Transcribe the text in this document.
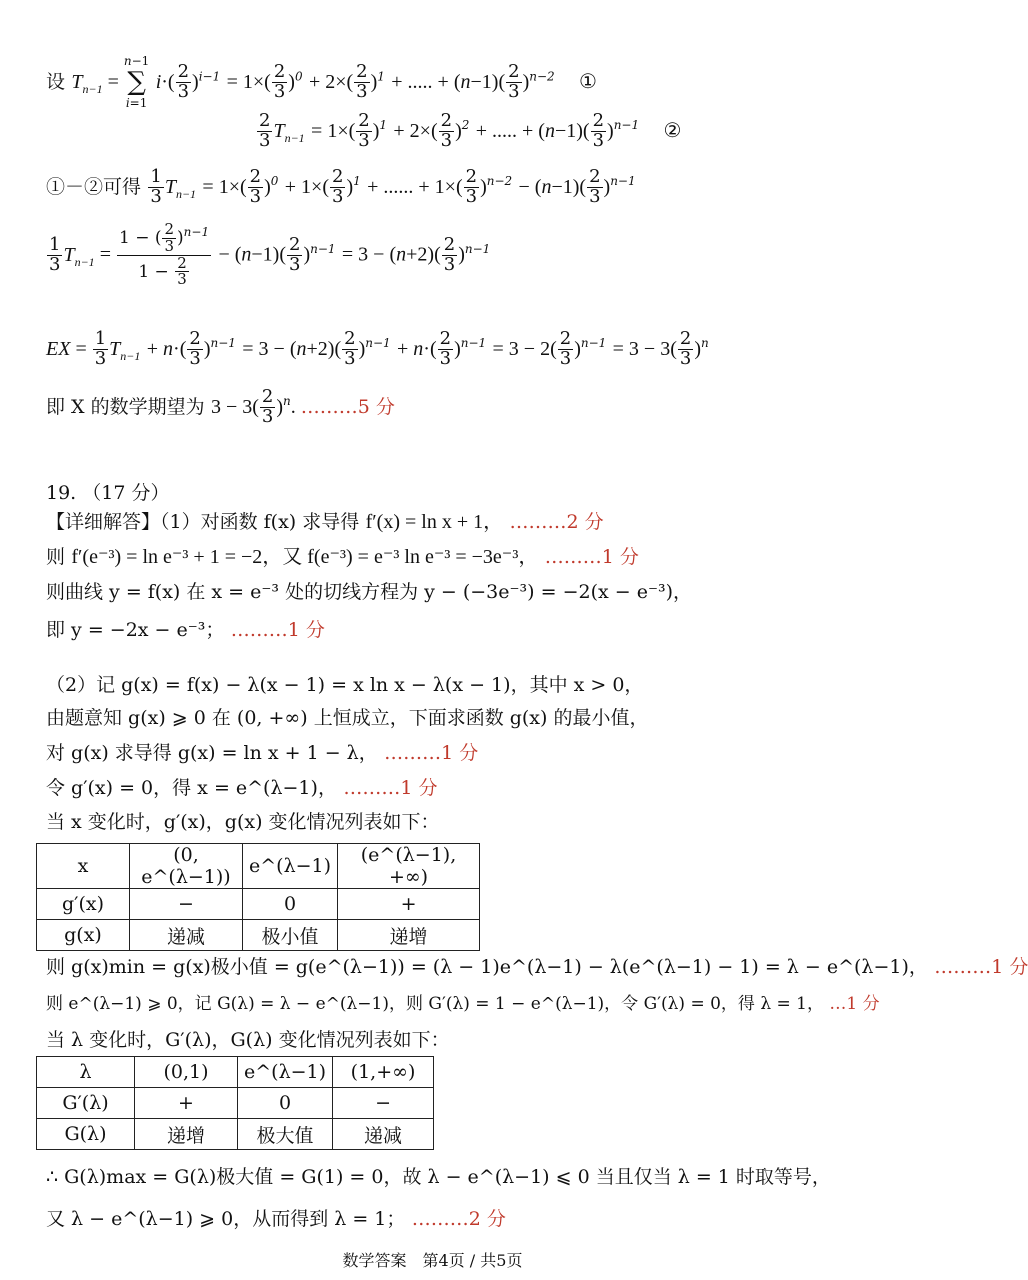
设 $T_{n-1} = n-1$
∑
i=1 $i\cdot( \frac{2}{3} )^{i-1} = 1\times( \frac{2}{3} )^0 + 2\times( \frac{2}{3} )^1$ + ..... + $(n-1)( \frac{2}{3} )^{n-2}$ ①
$\frac{2}{3} T_{n-1} = 1\times( \frac{2}{3} )^1 + 2\times( \frac{2}{3} )^2$ + ..... + $(n-1)( \frac{2}{3} )^{n-1}$ ②
①－②可得 $\frac{1}{3} T_{n-1} = 1\times( \frac{2}{3} )^0 + 1\times( \frac{2}{3} )^1$ + ...... + $1\times( \frac{2}{3} )^{n-2} - (n-1)( \frac{2}{3} )^{n-1}$
$\frac{1}{3} T_{n-1} = \frac{1 - ( \frac{2}{3} )^{n-1}}{1 - \frac{2}{3}} - (n-1)( \frac{2}{3} )^{n-1} = 3 - (n+2)( \frac{2}{3} )^{n-1}$
EX = $\frac{1}{3} T_{n-1} + n\cdot( \frac{2}{3} )^{n-1} = 3 - (n+2)( \frac{2}{3} )^{n-1} + n\cdot( \frac{2}{3} )^{n-1} = 3 - 2( \frac{2}{3} )^{n-1} = 3 - 3( \frac{2}{3} )^n$
即 X 的数学期望为 $3 - 3( \frac{2}{3} )^n$. ………5 分
19. （17 分）
【详细解答】（1）对函数 f(x) 求导得 f′(x) = ln x + 1， ………2 分
则 f′(e⁻³) = ln e⁻³ + 1 = −2，又 f(e⁻³) = e⁻³ ln e⁻³ = −3e⁻³， ………1 分
则曲线 y = f(x) 在 x = e⁻³ 处的切线方程为 y − (−3e⁻³) = −2(x − e⁻³)，
即 y = −2x − e⁻³； ………1 分
（2）记 g(x) = f(x) − λ(x − 1) = x ln x − λ(x − 1)，其中 x > 0，
由题意知 g(x) ⩾ 0 在 (0, +∞) 上恒成立，下面求函数 g(x) 的最小值，
对 g(x) 求导得 g(x) = ln x + 1 − λ， ………1 分
令 g′(x) = 0，得 x = e^(λ−1)， ………1 分
当 x 变化时，g′(x)，g(x) 变化情况列表如下：
x	(0, e^(λ−1))	e^(λ−1)	(e^(λ−1), +∞)
g′(x)	−	0	+
g(x)	递减	极小值	递增
则 g(x)min = g(x)极小值 = g(e^(λ−1)) = (λ − 1)e^(λ−1) − λ(e^(λ−1) − 1) = λ − e^(λ−1)， ………1 分
则 e^(λ−1) ⩾ 0，记 G(λ) = λ − e^(λ−1)，则 G′(λ) = 1 − e^(λ−1)，令 G′(λ) = 0，得 λ = 1， …1 分
当 λ 变化时，G′(λ)，G(λ) 变化情况列表如下：
λ	(0,1)	e^(λ−1)	(1,+∞)
G′(λ)	+	0	−
G(λ)	递增	极大值	递减
∴ G(λ)max = G(λ)极大值 = G(1) = 0，故 λ − e^(λ−1) ⩽ 0 当且仅当 λ = 1 时取等号，
又 λ − e^(λ−1) ⩾ 0，从而得到 λ = 1； ………2 分
数学答案　第4页 / 共5页
